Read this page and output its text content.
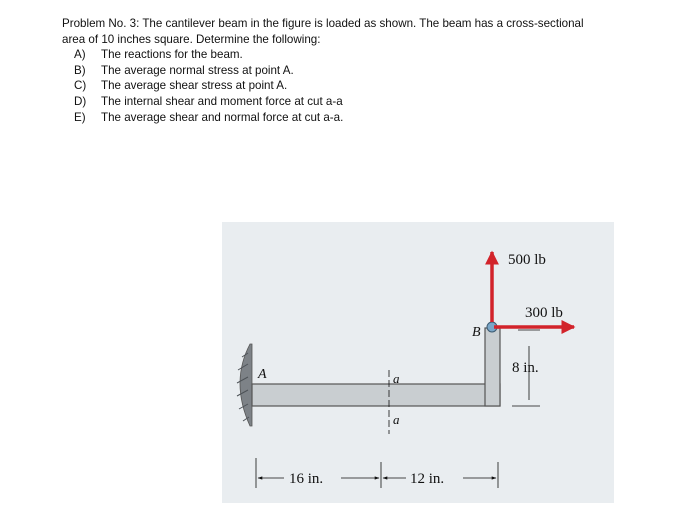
Problem No. 3: The cantilever beam in the figure is loaded as shown. The beam has a cross-sectional

area of 10 inches square. Determine the following:

A)	The reactions for the beam.
B)	The average normal stress at point A.
C)	The average shear stress at point A.
D)	The internal shear and moment force at cut a-a
E)	The average shear and normal force at cut a-a.
500 lb
300 lb
A
B
8 in.
a
a
16 in.	12 in.
